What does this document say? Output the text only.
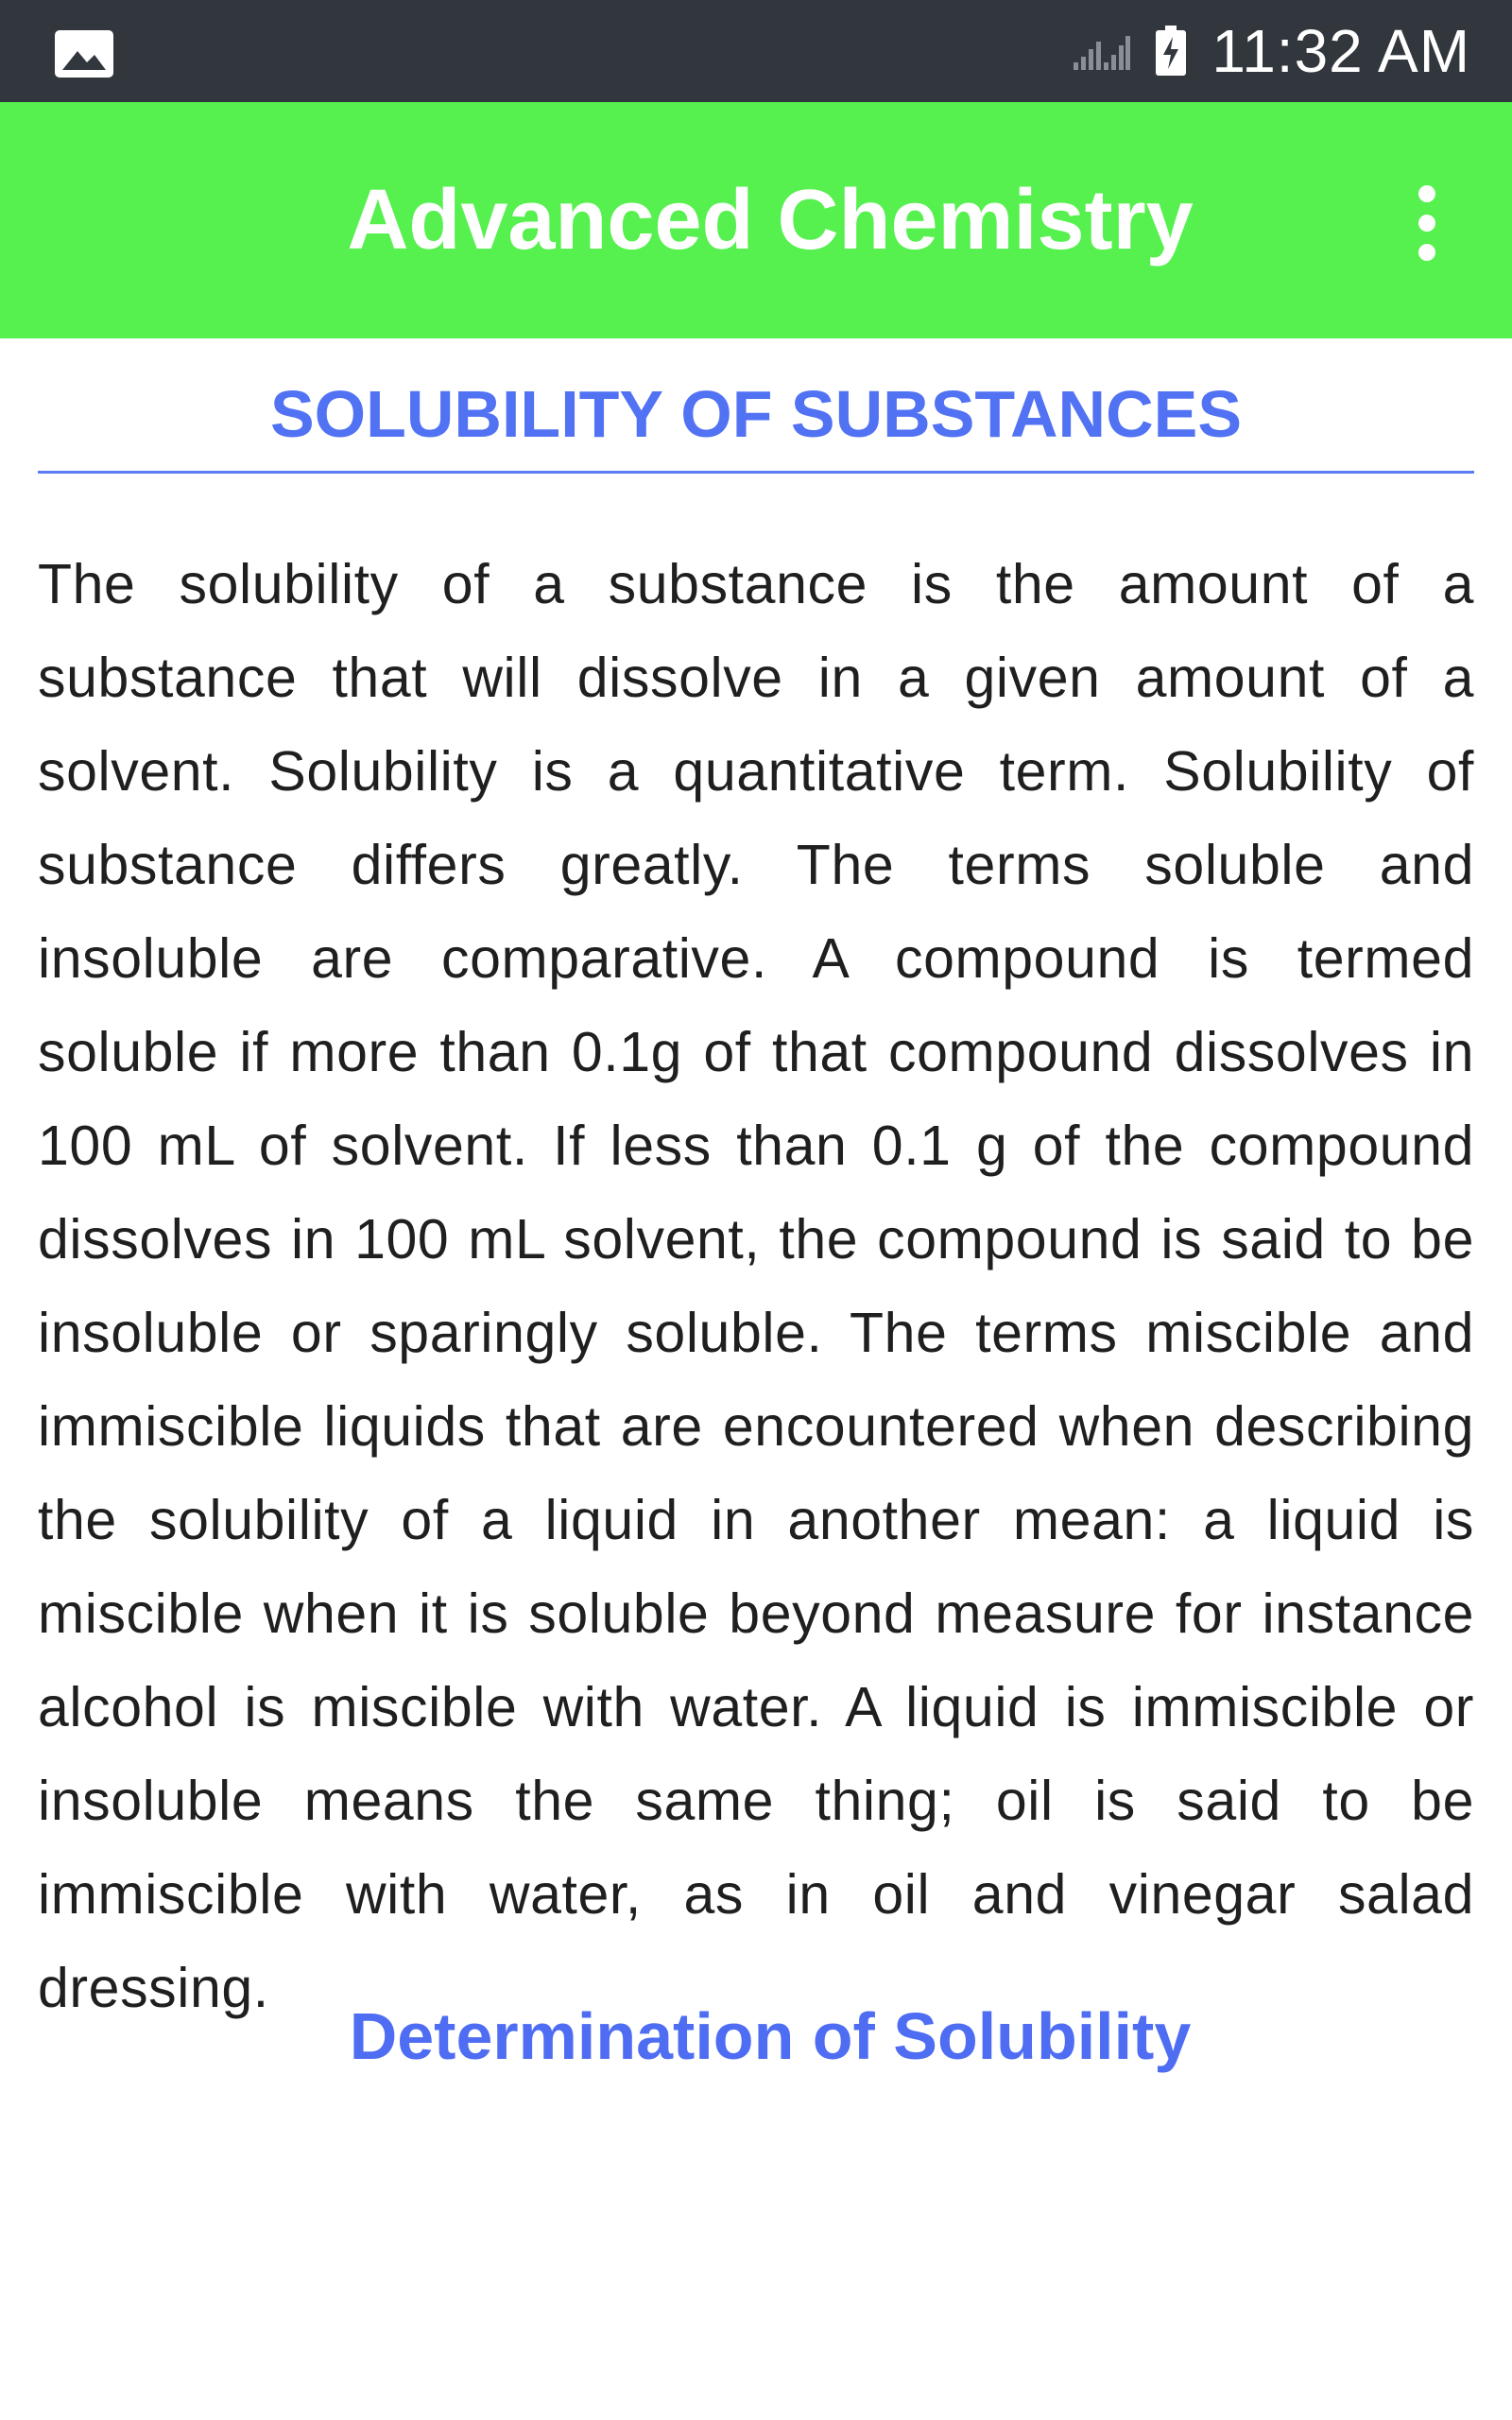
11:32 AM
Advanced Chemistry
SOLUBILITY OF SUBSTANCES

The solubility of a substance is the amount of a substance that will dissolve in a given amount of a solvent. Solubility is a quantitative term. Solubility of substance differs greatly. The terms soluble and insoluble are comparative. A compound is termed soluble if more than 0.1g of that compound dissolves in 100 mL of solvent. If less than 0.1 g of the compound dissolves in 100 mL solvent, the compound is said to be insoluble or sparingly soluble. The terms miscible and immiscible liquids that are encountered when describing the solubility of a liquid in another mean: a liquid is miscible when it is soluble beyond measure for instance alcohol is miscible with water. A liquid is immiscible or insoluble means the same thing; oil is said to be immiscible with water, as in oil and vinegar salad dressing.

Determination of Solubility
